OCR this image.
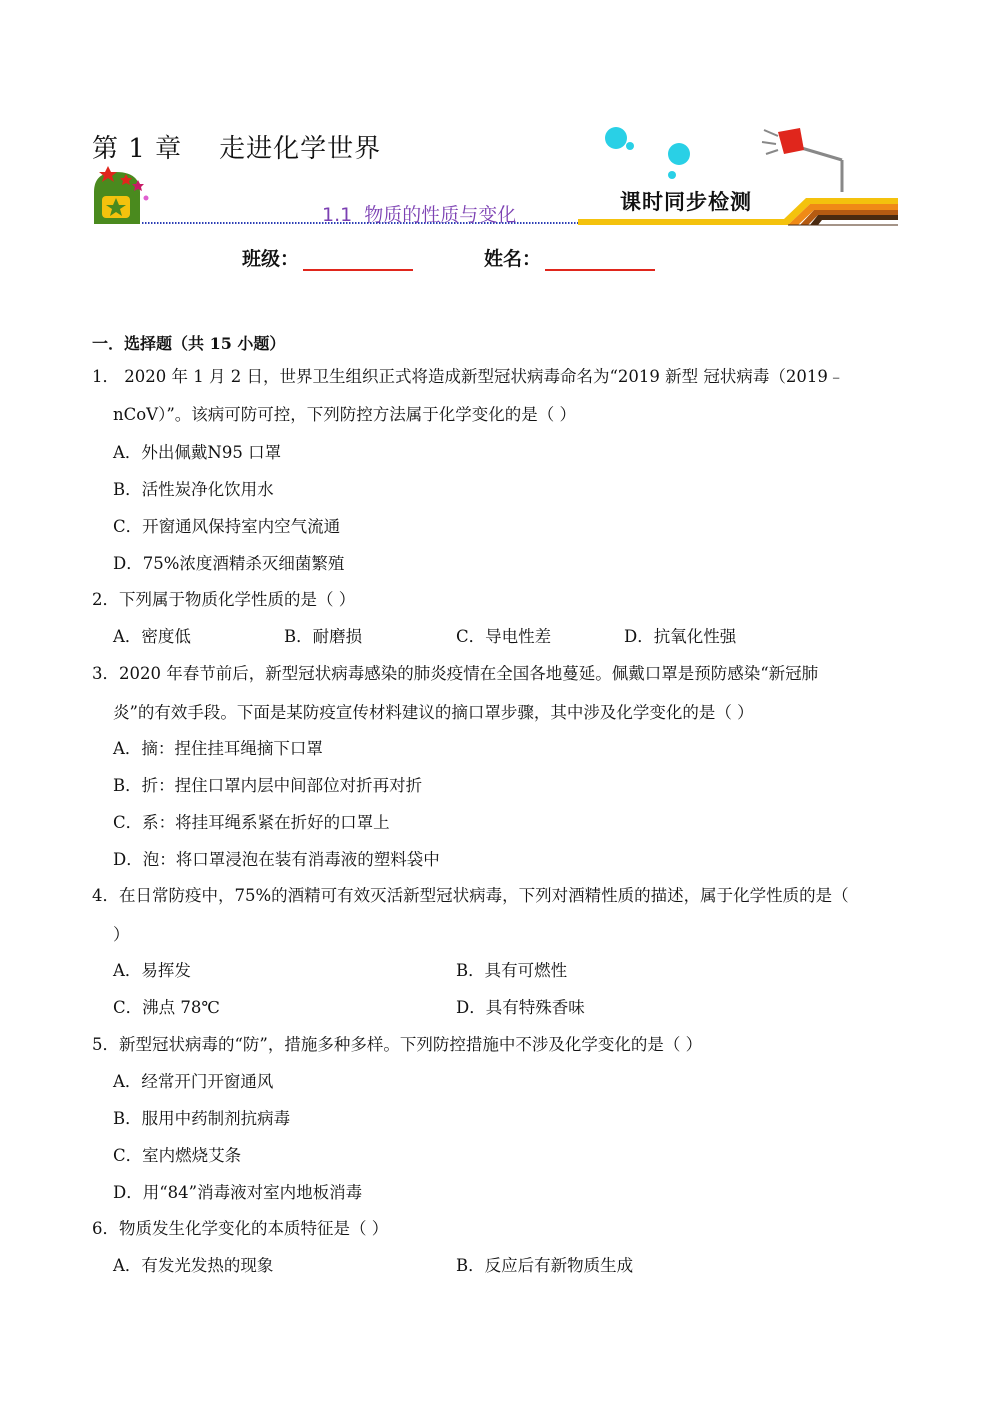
第 1 章    走进化学世界
1.1  物质的性质与变化
课时同步检测
班级：	姓名：
一．选择题（共 15 小题）
1． 2020 年 1 月 2 日，世界卫生组织正式将造成新型冠状病毒命名为“2019 新型 冠状病毒（2019﹣
nCoV）”。该病可防可控，下列防控方法属于化学变化的是（ ）
A．外出佩戴N95 口罩
B．活性炭净化饮用水
C．开窗通风保持室内空气流通
D．75%浓度酒精杀灭细菌繁殖
2．下列属于物质化学性质的是（ ）
A．密度低	B．耐磨损	C．导电性差	D．抗氧化性强
3．2020 年春节前后，新型冠状病毒感染的肺炎疫情在全国各地蔓延。佩戴口罩是预防感染“新冠肺
炎”的有效手段。下面是某防疫宣传材料建议的摘口罩步骤，其中涉及化学变化的是（ ）
A．摘：捏住挂耳绳摘下口罩
B．折：捏住口罩内层中间部位对折再对折
C．系：将挂耳绳系紧在折好的口罩上
D．泡：将口罩浸泡在装有消毒液的塑料袋中
4．在日常防疫中，75%的酒精可有效灭活新型冠状病毒，下列对酒精性质的描述，属于化学性质的是（
）
A．易挥发	B．具有可燃性
C．沸点 78℃	D．具有特殊香味
5．新型冠状病毒的“防”，措施多种多样。下列防控措施中不涉及化学变化的是（ ）
A．经常开门开窗通风
B．服用中药制剂抗病毒
C．室内燃烧艾条
D．用“84”消毒液对室内地板消毒
6．物质发生化学变化的本质特征是（ ）
A．有发光发热的现象	B．反应后有新物质生成
